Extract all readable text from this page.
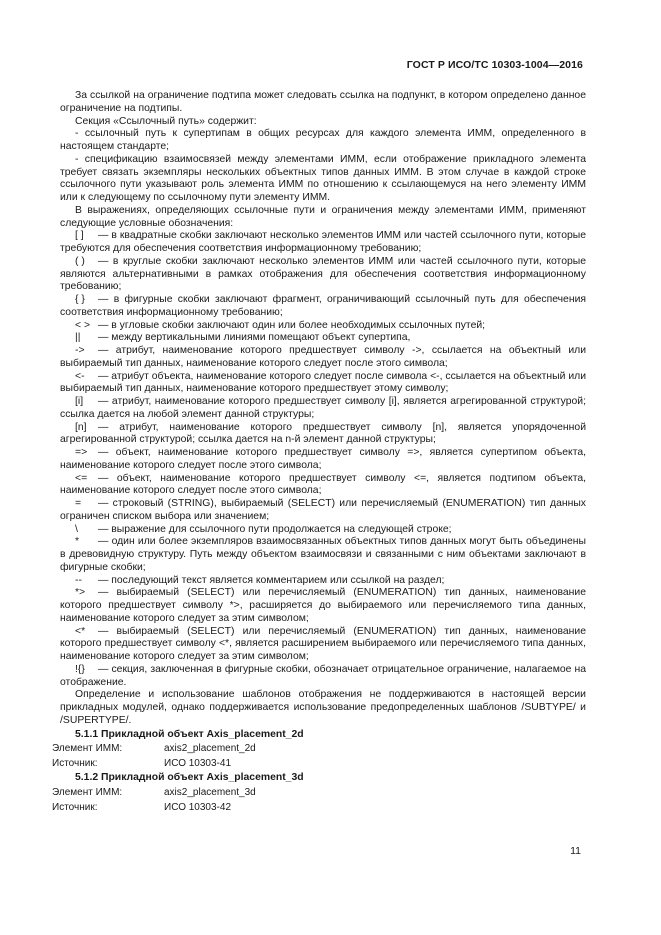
ГОСТ Р ИСО/ТС 10303-1004—2016

За ссылкой на ограничение подтипа может следовать ссылка на подпункт, в котором определено данное ограничение на подтипы.

Секция «Ссылочный путь» содержит:

- ссылочный путь к супертипам в общих ресурсах для каждого элемента ИММ, определенного в настоящем стандарте;

- спецификацию взаимосвязей между элементами ИММ, если отображение прикладного элемента требует связать экземпляры нескольких объектных типов данных ИММ. В этом случае в каждой строке ссылочного пути указывают роль элемента ИММ по отношению к ссылающемуся на него элементу ИММ или к следующему по ссылочному пути элементу ИММ.

В выражениях, определяющих ссылочные пути и ограничения между элементами ИММ, применяют следующие условные обозначения:

[ ] — в квадратные скобки заключают несколько элементов ИММ или частей ссылочного пути, которые требуются для обеспечения соответствия информационному требованию;

( ) — в круглые скобки заключают несколько элементов ИММ или частей ссылочного пути, которые являются альтернативными в рамках отображения для обеспечения соответствия информационному требованию;

{ } — в фигурные скобки заключают фрагмент, ограничивающий ссылочный путь для обеспечения соответствия информационному требованию;

< > — в угловые скобки заключают один или более необходимых ссылочных путей;

|| — между вертикальными линиями помещают объект супертипа,

-> — атрибут, наименование которого предшествует символу ->, ссылается на объектный или выбираемый тип данных, наименование которого следует после этого символа;

<- — атрибут объекта, наименование которого следует после символа <-, ссылается на объектный или выбираемый тип данных, наименование которого предшествует этому символу;

[i] — атрибут, наименование которого предшествует символу [i], является агрегированной структурой; ссылка дается на любой элемент данной структуры;

[n] — атрибут, наименование которого предшествует символу [n], является упорядоченной агрегированной структурой; ссылка дается на n-й элемент данной структуры;

=> — объект, наименование которого предшествует символу =>, является супертипом объекта, наименование которого следует после этого символа;

<= — объект, наименование которого предшествует символу <=, является подтипом объекта, наименование которого следует после этого символа;

= — строковый (STRING), выбираемый (SELECT) или перечисляемый (ENUMERATION) тип данных ограничен списком выбора или значением;

\ — выражение для ссылочного пути продолжается на следующей строке;

* — один или более экземпляров взаимосвязанных объектных типов данных могут быть объединены в древовидную структуру. Путь между объектом взаимосвязи и связанными с ним объектами заключают в фигурные скобки;

-- — последующий текст является комментарием или ссылкой на раздел;

*> — выбираемый (SELECT) или перечисляемый (ENUMERATION) тип данных, наименование которого предшествует символу *>, расширяется до выбираемого или перечисляемого типа данных, наименование которого следует за этим символом;

<* — выбираемый (SELECT) или перечисляемый (ENUMERATION) тип данных, наименование которого предшествует символу <*, является расширением выбираемого или перечисляемого типа данных, наименование которого следует за этим символом;

!{} — секция, заключенная в фигурные скобки, обозначает отрицательное ограничение, налагаемое на отображение.

Определение и использование шаблонов отображения не поддерживаются в настоящей версии прикладных модулей, однако поддерживается использование предопределенных шаблонов /SUBTYPE/ и /SUPERTYPE/.

5.1.1 Прикладной объект Axis_placement_2d
Элемент ИММ:	axis2_placement_2d
Источник:	ИСО 10303-41
5.1.2 Прикладной объект Axis_placement_3d
Элемент ИММ:	axis2_placement_3d
Источник:	ИСО 10303-42
11
